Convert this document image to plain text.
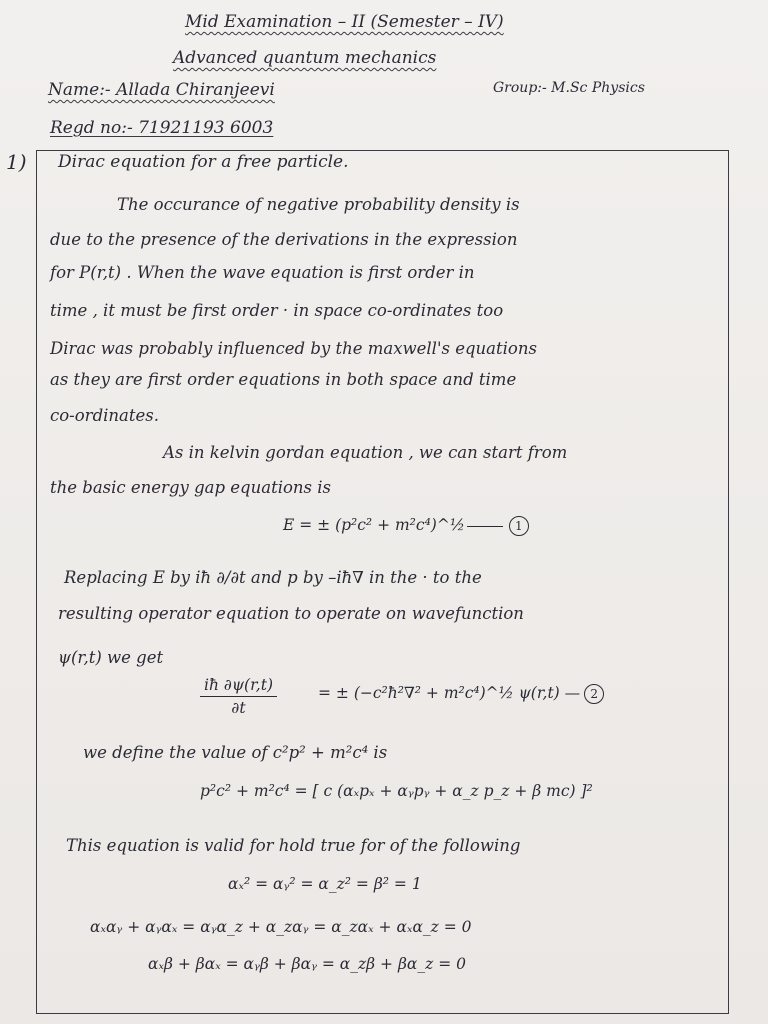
Mid Examination – II (Semester – IV)
Advanced quantum mechanics
Name:- Allada Chiranjeevi	Group:- M.Sc Physics
Regd no:- 71921193 6003
1) Dirac equation for a free particle.
The occurance of negative probability density is
due to the presence of the derivations in the expression
for P(r,t) . When the wave equation is first order in
time , it must be first order · in space co-ordinates too
Dirac was probably influenced by the maxwell's equations
as they are first order equations in both space and time
co-ordinates.
As in kelvin gordan equation , we can start from
the basic energy gap equations is
E = ± (p²c² + m²c⁴)^½	1
Replacing E by iħ ∂/∂t and p by –iħ∇ in the · to the
resulting operator equation to operate on wavefunction
ψ(r,t) we get
$\frac{iħ \partial\psi(r,t)}{\partial t}$	= ± (−c²ħ²∇² + m²c⁴)^½ ψ(r,t) — 2
we define the value of c²p² + m²c⁴ is
p²c² + m²c⁴ = [ c (αₓpₓ + αᵧpᵧ + α_z p_z + β mc) ]²
This equation is valid for hold true for of the following
αₓ² = αᵧ² = α_z² = β² = 1
αₓαᵧ + αᵧαₓ = αᵧα_z + α_zαᵧ = α_zαₓ + αₓα_z = 0
αₓβ + βαₓ = αᵧβ + βαᵧ = α_zβ + βα_z = 0
